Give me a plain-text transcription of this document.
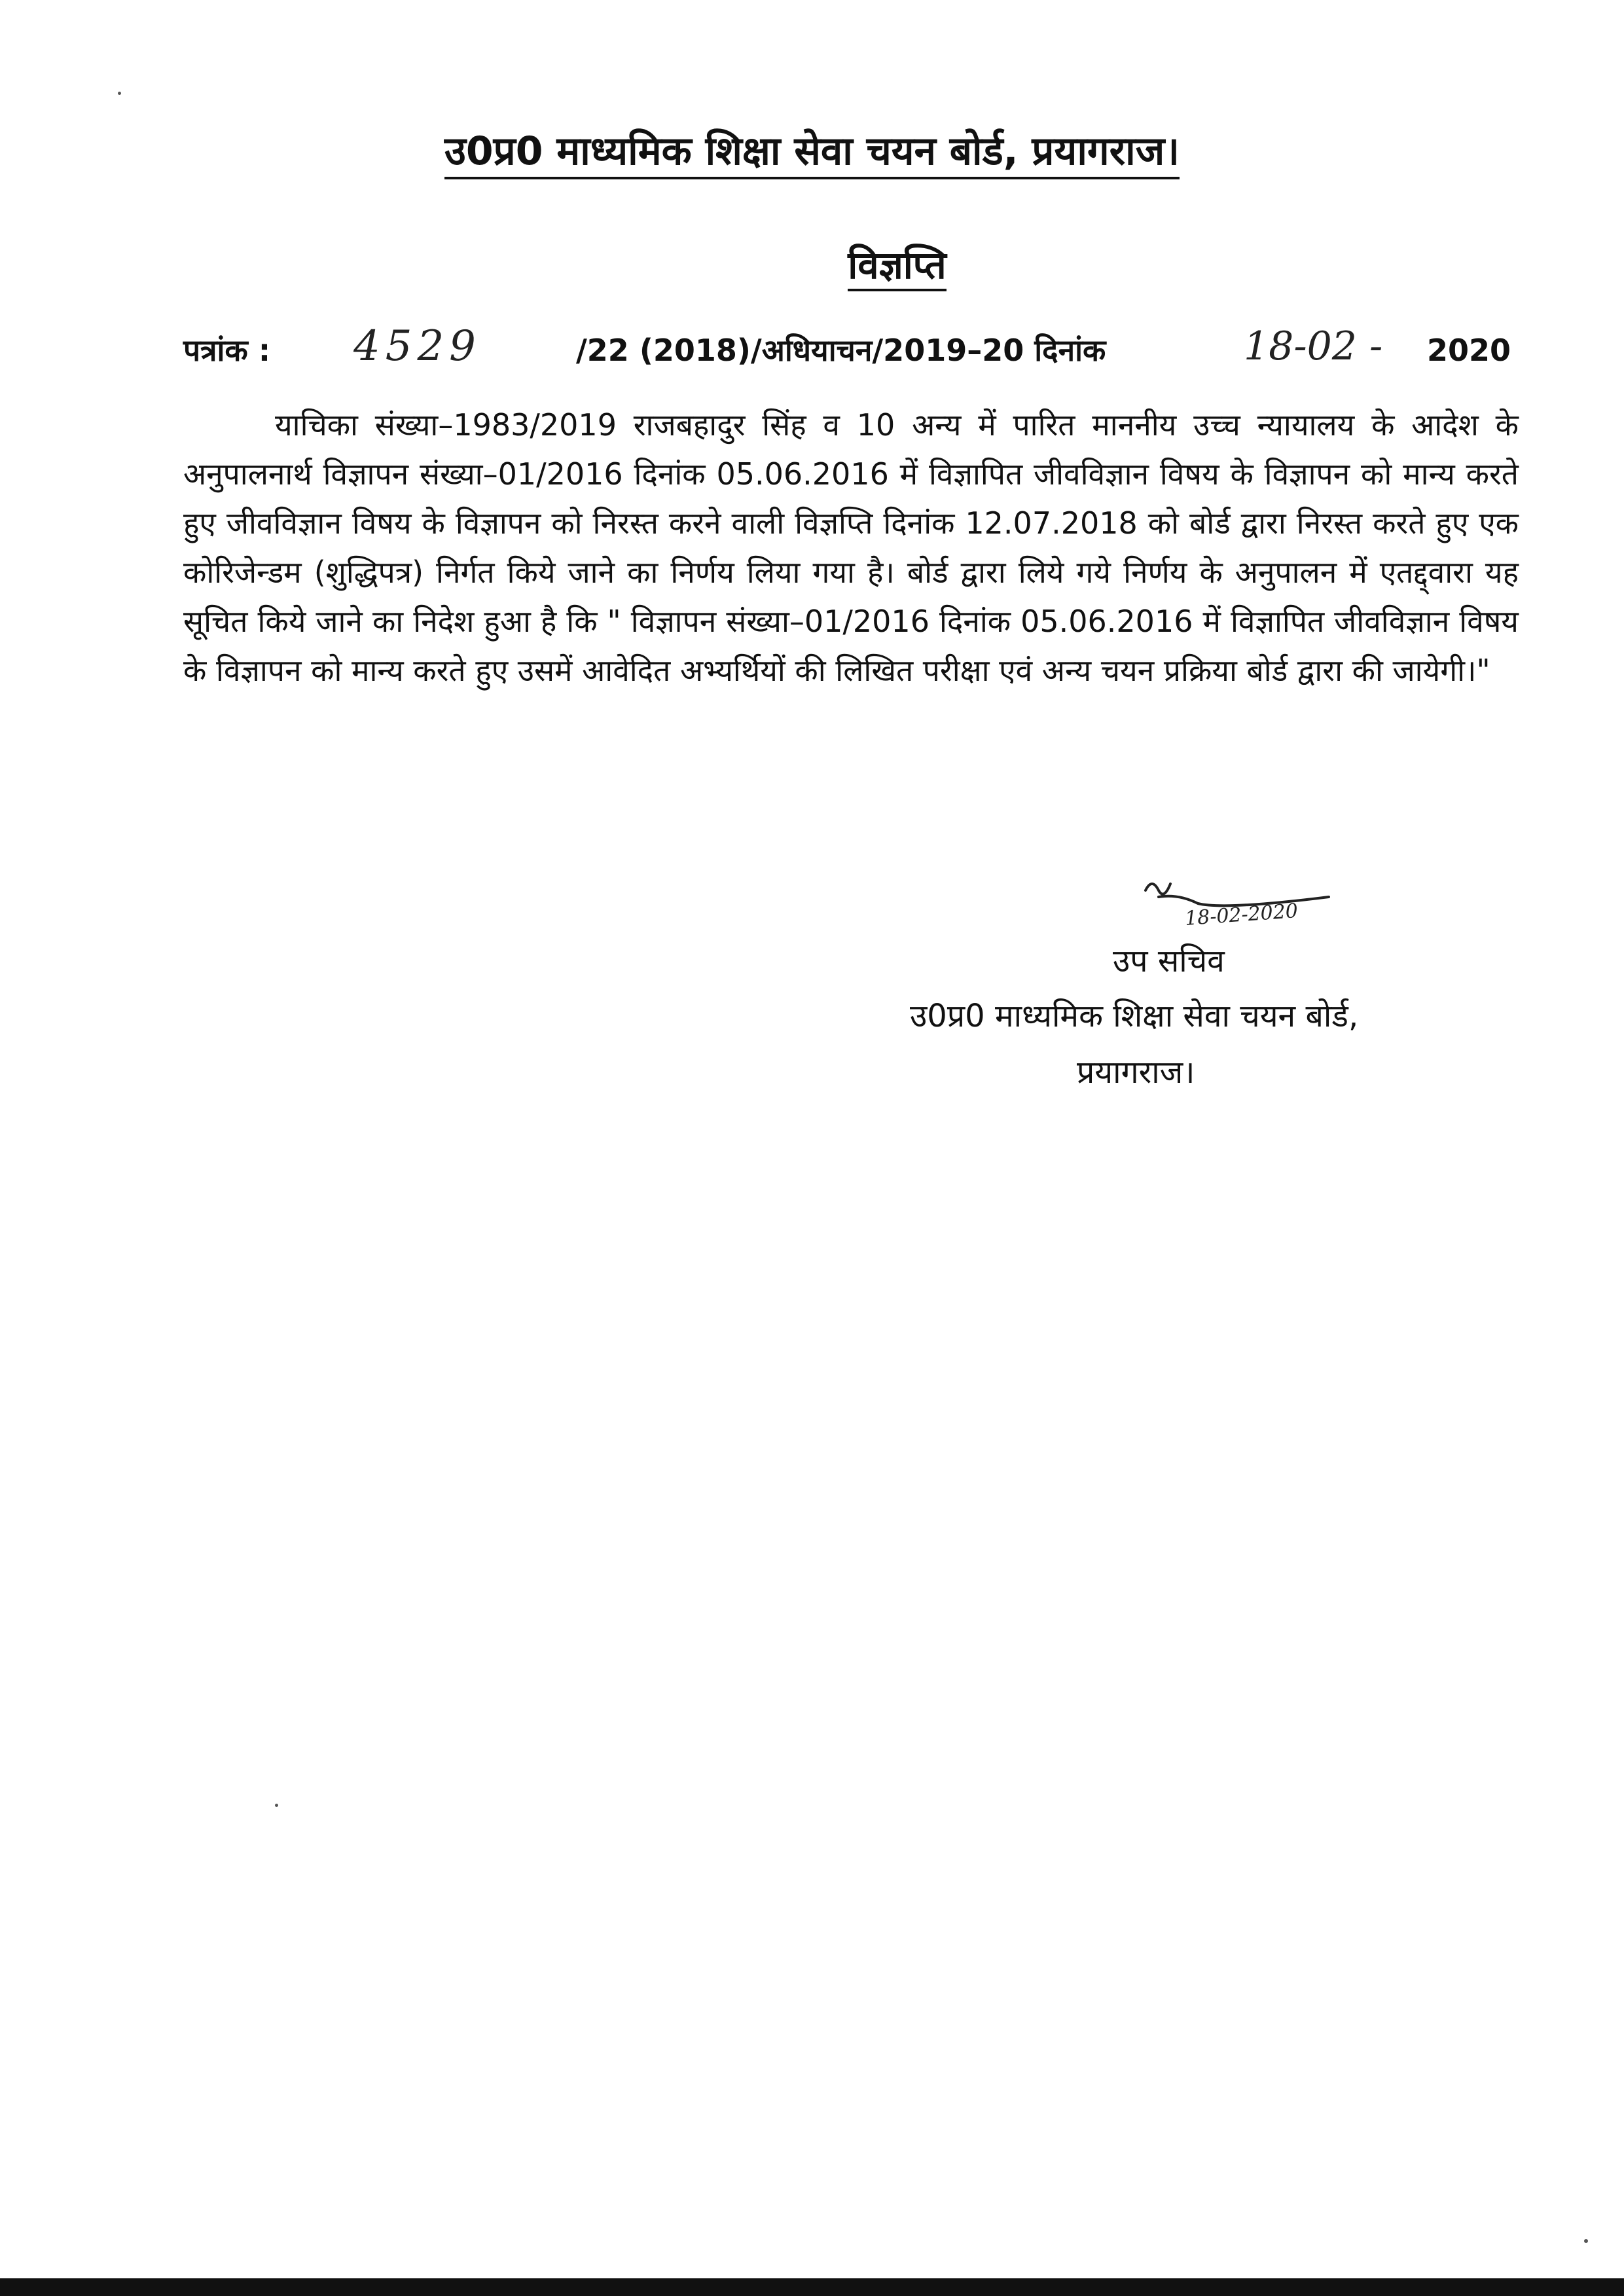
उ0प्र0 माध्यमिक शिक्षा सेवा चयन बोर्ड, प्रयागराज।
विज्ञप्ति
पत्रांक : 4529	/22 (2018)/अधियाचन/2019–20 दिनांक	18-02 - 2020
याचिका संख्या–1983/2019 राजबहादुर सिंह व 10 अन्य में पारित माननीय उच्च न्यायालय के आदेश के अनुपालनार्थ विज्ञापन संख्या–01/2016 दिनांक 05.06.2016 में विज्ञापित जीवविज्ञान विषय के विज्ञापन को मान्य करते हुए जीवविज्ञान विषय के विज्ञापन को निरस्त करने वाली विज्ञप्ति दिनांक 12.07.2018 को बोर्ड द्वारा निरस्त करते हुए एक कोरिजेन्डम (शुद्धिपत्र) निर्गत किये जाने का निर्णय लिया गया है। बोर्ड द्वारा लिये गये निर्णय के अनुपालन में एतद्द्वारा यह सूचित किये जाने का निदेश हुआ है कि " विज्ञापन संख्या–01/2016 दिनांक 05.06.2016 में विज्ञापित जीवविज्ञान विषय के विज्ञापन को मान्य करते हुए उसमें आवेदित अभ्यर्थियों की लिखित परीक्षा एवं अन्य चयन प्रक्रिया बोर्ड द्वारा की जायेगी।"
18-02-2020
उप सचिव
उ0प्र0 माध्यमिक शिक्षा सेवा चयन बोर्ड,
प्रयागराज।
